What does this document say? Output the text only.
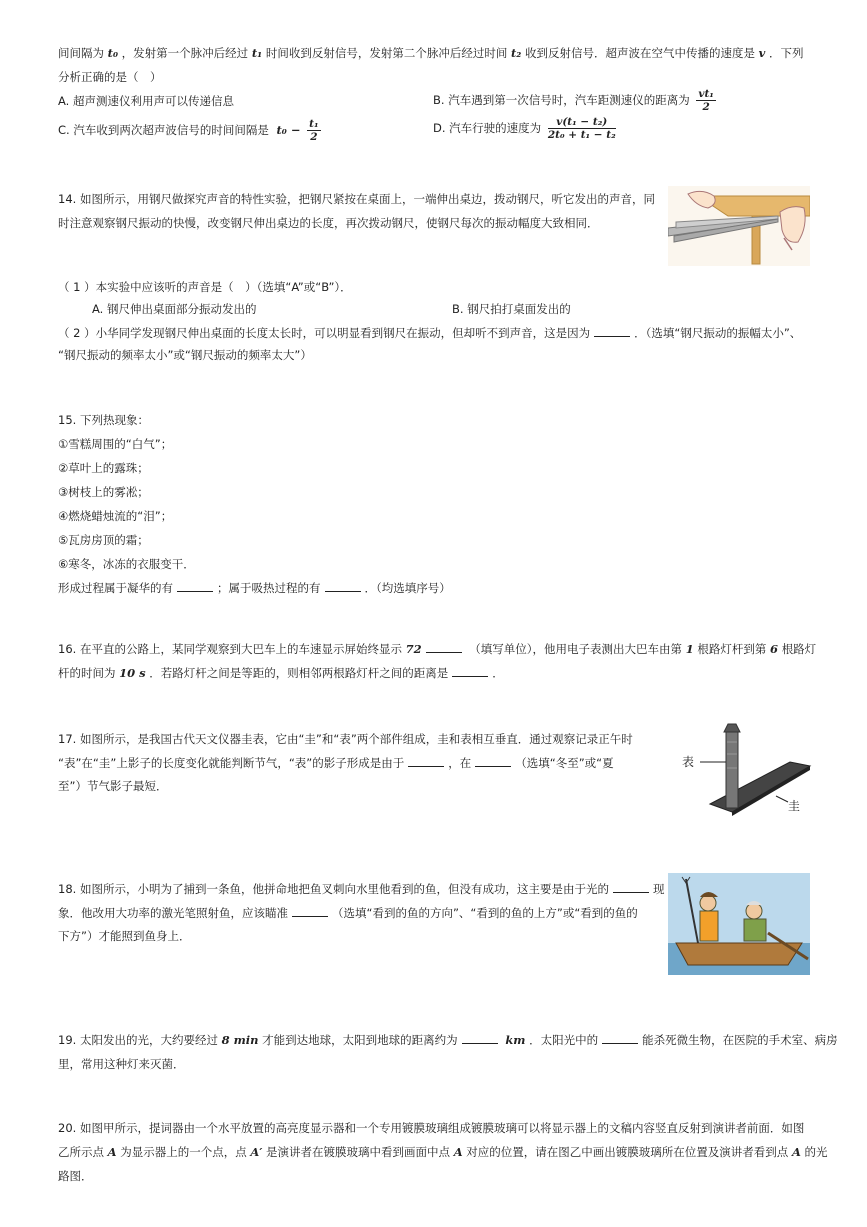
间间隔为 t₀ ，发射第一个脉冲后经过 t₁ 时间收到反射信号，发射第二个脉冲后经过时间 t₂ 收到反射信号．超声波在空气中传播的速度是 v ．下列
分析正确的是（　）
A. 超声测速仪利用声可以传递信息	B. 汽车遇到第一次信号时，汽车距测速仪的距离为 $\frac{\text{vt₁}}{2}$
C. 汽车收到两次超声波信号的时间间隔是 $t_0 - \frac{\text{t₁}}{2}$	D. 汽车行驶的速度为 $\frac{\text{v(t₁ − t₂)}}{\text{2t₀ + t₁ − t₂}}$
14. 如图所示，用钢尺做探究声音的特性实验，把钢尺紧按在桌面上，一端伸出桌边，拨动钢尺，听它发出的声音，同
时注意观察钢尺振动的快慢，改变钢尺伸出桌边的长度，再次拨动钢尺，使钢尺每次的振动幅度大致相同．
（ 1 ）本实验中应该听的声音是（　）（选填“A”或“B”）．
A. 钢尺伸出桌面部分振动发出的	B. 钢尺拍打桌面发出的
（ 2 ）小华同学发现钢尺伸出桌面的长度太长时，可以明显看到钢尺在振动，但却听不到声音，这是因为	．（选填“钢尺振动的振幅太小”、
“钢尺振动的频率太小”或“钢尺振动的频率太大”）
15. 下列热现象：
①雪糕周围的“白气”；
②草叶上的露珠；
③树枝上的雾凇；
④燃烧蜡烛流的“泪”；
⑤瓦房房顶的霜；
⑥寒冬，冰冻的衣服变干．
形成过程属于凝华的有	；属于吸热过程的有	．（均选填序号）
16. 在平直的公路上，某同学观察到大巴车上的车速显示屏始终显示 72	（填写单位），他用电子表测出大巴车由第 1 根路灯杆到第 6 根路灯
杆的时间为 10 s ．若路灯杆之间是等距的，则相邻两根路灯杆之间的距离是	．
17. 如图所示，是我国古代天文仪器圭表，它由“圭”和“表”两个部件组成，圭和表相互垂直．通过观察记录正午时
“表”在“圭”上影子的长度变化就能判断节气，“表”的影子形成是由于	，在	（选填“冬至”或“夏
至”）节气影子最短．
表
圭
18. 如图所示，小明为了捕到一条鱼，他拼命地把鱼叉刺向水里他看到的鱼，但没有成功，这主要是由于光的	现
象．他改用大功率的激光笔照射鱼，应该瞄准	（选填“看到的鱼的方向”、“看到的鱼的上方”或“看到的鱼的
下方”）才能照到鱼身上．
19. 太阳发出的光，大约要经过 8 min 才能到达地球，太阳到地球的距离约为	km ．太阳光中的	能杀死微生物，在医院的手术室、病房
里，常用这种灯来灭菌．
20. 如图甲所示，提词器由一个水平放置的高亮度显示器和一个专用镀膜玻璃组成镀膜玻璃可以将显示器上的文稿内容竖直反射到演讲者前面．如图
乙所示点 A 为显示器上的一个点，点 A′ 是演讲者在镀膜玻璃中看到画面中点 A 对应的位置，请在图乙中画出镀膜玻璃所在位置及演讲者看到点 A 的光
路图．
